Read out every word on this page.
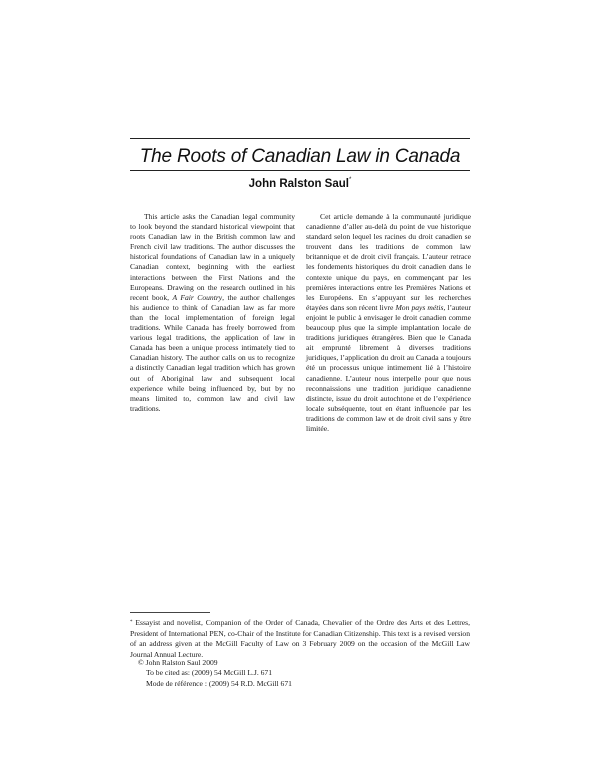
The Roots of Canadian Law in Canada
John Ralston Saul*

This article asks the Canadian legal community to look beyond the standard historical viewpoint that roots Canadian law in the British common law and French civil law traditions. The author discusses the historical foundations of Canadian law in a uniquely Canadian context, beginning with the earliest interactions between the First Nations and the Europeans. Drawing on the research outlined in his recent book, A Fair Country, the author challenges his audience to think of Canadian law as far more than the local implementation of foreign legal traditions. While Canada has freely borrowed from various legal traditions, the application of law in Canada has been a unique process intimately tied to Canadian history. The author calls on us to recognize a distinctly Canadian legal tradition which has grown out of Aboriginal law and subsequent local experience while being influenced by, but by no means limited to, common law and civil law traditions.

Cet article demande à la communauté juridique canadienne d’aller au-delà du point de vue historique standard selon lequel les racines du droit canadien se trouvent dans les traditions de common law britannique et de droit civil français. L’auteur retrace les fondements historiques du droit canadien dans le contexte unique du pays, en commençant par les premières interactions entre les Premières Nations et les Européens. En s’appuyant sur les recherches étayées dans son récent livre Mon pays métis, l’auteur enjoint le public à envisager le droit canadien comme beaucoup plus que la simple implantation locale de traditions juridiques étrangères. Bien que le Canada ait emprunté librement à diverses traditions juridiques, l’application du droit au Canada a toujours été un processus unique intimement lié à l’histoire canadienne. L’auteur nous interpelle pour que nous reconnaissions une tradition juridique canadienne distincte, issue du droit autochtone et de l’expérience locale subséquente, tout en étant influencée par les traditions de common law et de droit civil sans y être limitée.

* Essayist and novelist, Companion of the Order of Canada, Chevalier of the Ordre des Arts et des Lettres, President of International PEN, co-Chair of the Institute for Canadian Citizenship. This text is a revised version of an address given at the McGill Faculty of Law on 3 February 2009 on the occasion of the McGill Law Journal Annual Lecture.

© John Ralston Saul 2009
To be cited as: (2009) 54 McGill L.J. 671
Mode de référence : (2009) 54 R.D. McGill 671
